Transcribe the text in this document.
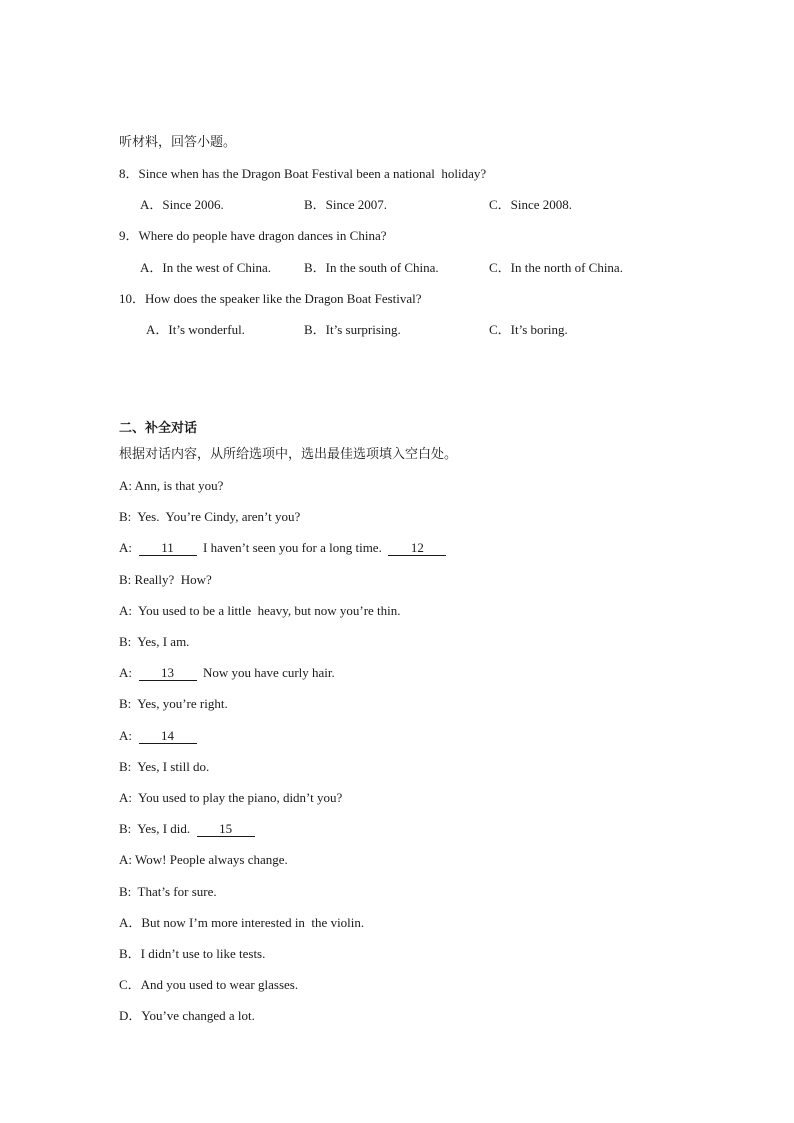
听材料，回答小题。
8．Since when has the Dragon Boat Festival been a national  holiday?
A．Since 2006.	B．Since 2007.	C．Since 2008.
9．Where do people have dragon dances in China?
A．In the west of China.	B．In the south of China.	C．In the north of China.
10．How does the speaker like the Dragon Boat Festival?
A．It’s wonderful.	B．It’s surprising.	C．It’s boring.
二、补全对话
根据对话内容，从所给选项中，选出最佳选项填入空白处。
A: Ann, is that you?
B:  Yes.  You’re Cindy, aren’t you?
A:  11  I haven’t seen you for a long time.  12
B: Really?  How?
A:  You used to be a little  heavy, but now you’re thin.
B:  Yes, I am.
A:  13  Now you have curly hair.
B:  Yes, you’re right.
A:  14
B:  Yes, I still do.
A:  You used to play the piano, didn’t you?
B:  Yes, I did.  15
A: Wow! People always change.
B:  That’s for sure.
A．But now I’m more interested in  the violin.
B．I didn’t use to like tests.
C．And you used to wear glasses.
D．You’ve changed a lot.
